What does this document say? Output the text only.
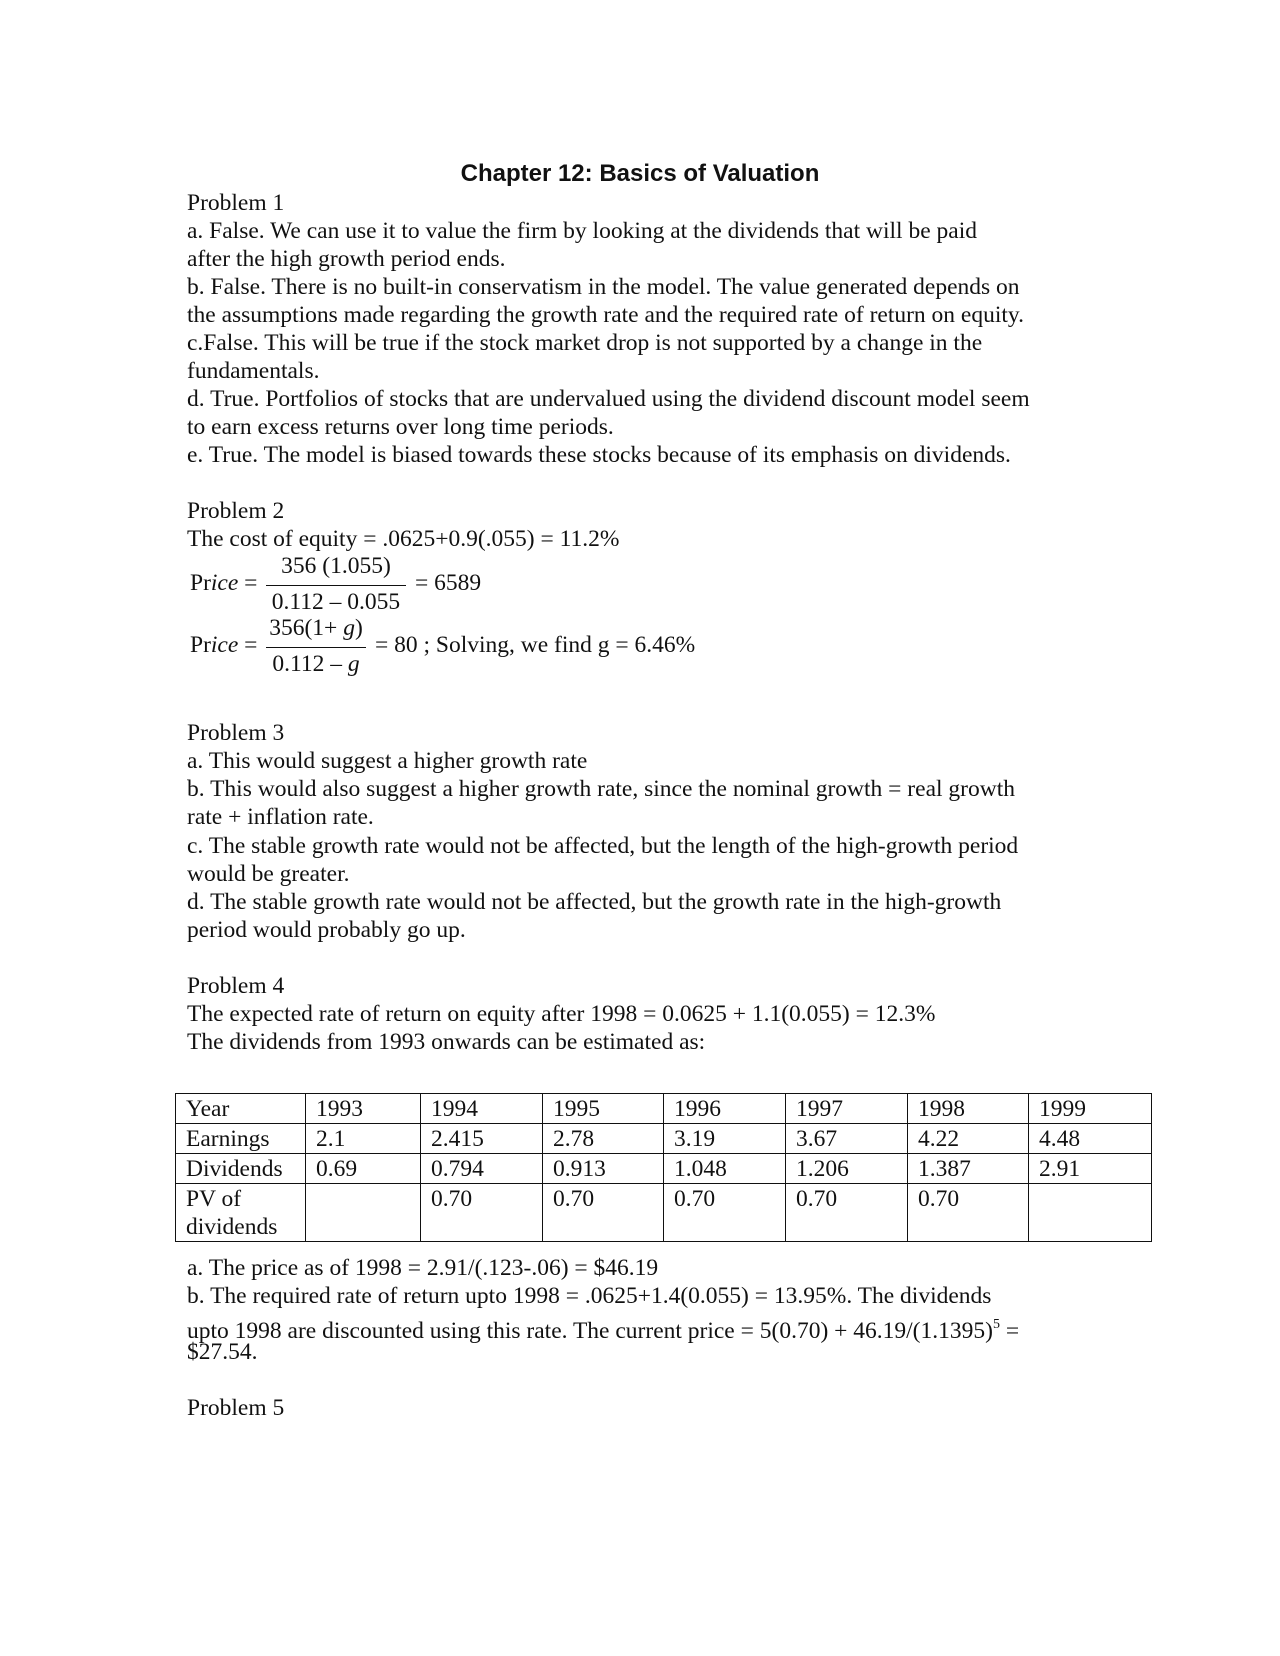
Chapter 12: Basics of Valuation
Problem 1
a. False. We can use it to value the firm by looking at the dividends that will be paid
after the high growth period ends.
b. False. There is no built-in conservatism in the model. The value generated depends on
the assumptions made regarding the growth rate and the required rate of return on equity.
c.False. This will be true if the stock market drop is not supported by a change in the
fundamentals.
d. True. Portfolios of stocks that are undervalued using the dividend discount model seem
to earn excess returns over long time periods.
e. True. The model is biased towards these stocks because of its emphasis on dividends.
Problem 2
The cost of equity = .0625+0.9(.055) = 11.2%
Price =
356 (1.055)
0.112 – 0.055
= 6589
Price =
356(1+ g)
0.112 – g
= 80 ; Solving, we find g = 6.46%
Problem 3
a. This would suggest a higher growth rate
b. This would also suggest a higher growth rate, since the nominal growth = real growth
rate + inflation rate.
c. The stable growth rate would not be affected, but the length of the high-growth period
would be greater.
d. The stable growth rate would not be affected, but the growth rate in the high-growth
period would probably go up.
Problem 4
The expected rate of return on equity after 1998 = 0.0625 + 1.1(0.055) = 12.3%
The dividends from 1993 onwards can be estimated as:
Year	1993	1994	1995	1996	1997	1998	1999
Earnings	2.1	2.415	2.78	3.19	3.67	4.22	4.48
Dividends	0.69	0.794	0.913	1.048	1.206	1.387	2.91
PV of dividends		0.70	0.70	0.70	0.70	0.70	
a. The price as of 1998 = 2.91/(.123-.06) = $46.19
b. The required rate of return upto 1998 = .0625+1.4(0.055) = 13.95%. The dividends
upto 1998 are discounted using this rate. The current price = $5(0.70) + 46.19/(1.1395)^5$ =
$27.54.
Problem 5
